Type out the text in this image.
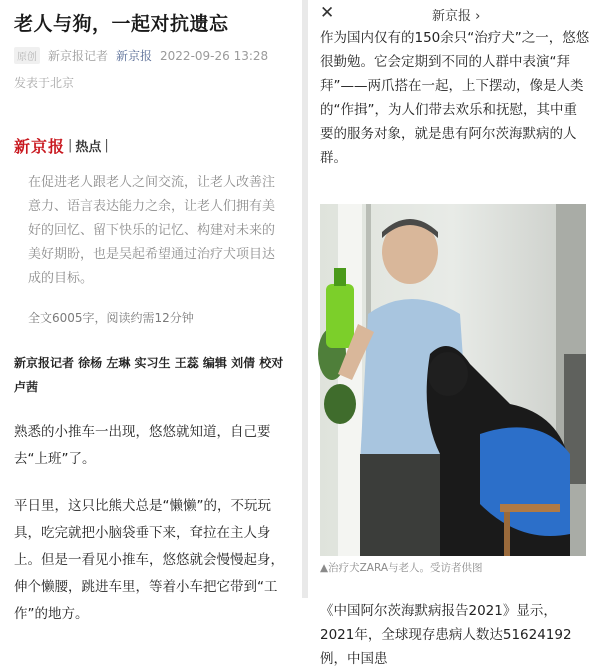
老人与狗，一起对抗遗忘
原创 新京报记者 新京报 2022-09-26 13:28
发表于北京
新京报 | 热点 |
在促进老人跟老人之间交流，让老人改善注意力、语言表达能力之余，让老人们拥有美好的回忆、留下快乐的记忆、构建对未来的美好期盼，也是吴起希望通过治疗犬项目达成的目标。
全文6005字，阅读约需12分钟
新京报记者 徐杨 左琳 实习生 王蕊 编辑 刘倩 校对 卢茜
熟悉的小推车一出现，悠悠就知道，自己要去“上班”了。
平日里，这只比熊犬总是“懒懒”的，不玩玩具，吃完就把小脑袋垂下来，耷拉在主人身上。但是一看见小推车，悠悠就会慢慢起身，伸个懒腰，跳进车里，等着小车把它带到“工作”的地方。
✕	新京报 ›
作为国内仅有的150余只“治疗犬”之一，悠悠很勤勉。它会定期到不同的人群中表演“拜拜”——两爪搭在一起，上下摆动，像是人类的“作揖”，为人们带去欢乐和抚慰，其中重要的服务对象，就是患有阿尔茨海默病的人群。
▲治疗犬ZARA与老人。受访者供图
《中国阿尔茨海默病报告2021》显示，2021年，全球现存患病人数达51624192例，中国患
